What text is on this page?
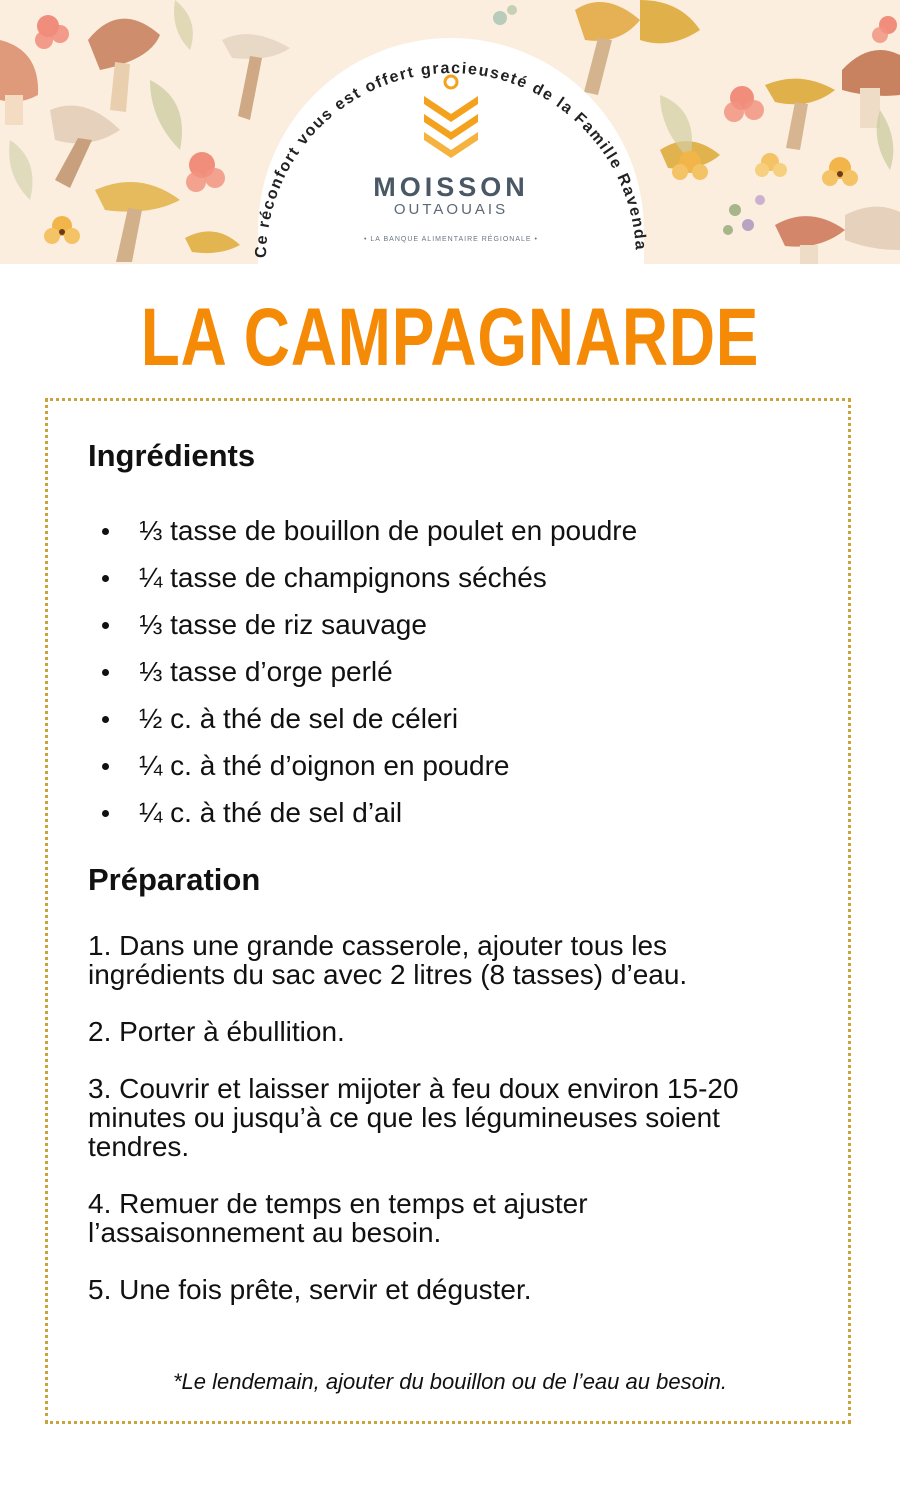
Ce réconfort vous est offert gracieuseté de la Famille Ravenda
MOISSON
OUTAOUAIS
• LA BANQUE ALIMENTAIRE RÉGIONALE •
LA CAMPAGNARDE
Ingrédients
⅓ tasse de bouillon de poulet en poudre
¼ tasse de champignons séchés
⅓ tasse de riz sauvage
⅓ tasse d’orge perlé
½ c. à thé de sel de céleri
¼ c. à thé d’oignon en poudre
¼ c. à thé de sel d’ail
Préparation

1. Dans une grande casserole, ajouter tous les
ingrédients du sac avec 2 litres (8 tasses) d’eau.

2. Porter à ébullition.

3. Couvrir et laisser mijoter à feu doux environ 15-20
minutes ou jusqu’à ce que les légumineuses soient
tendres.

4. Remuer de temps en temps et ajuster
l’assaisonnement au besoin.

5. Une fois prête, servir et déguster.

*Le lendemain, ajouter du bouillon ou de l’eau au besoin.
